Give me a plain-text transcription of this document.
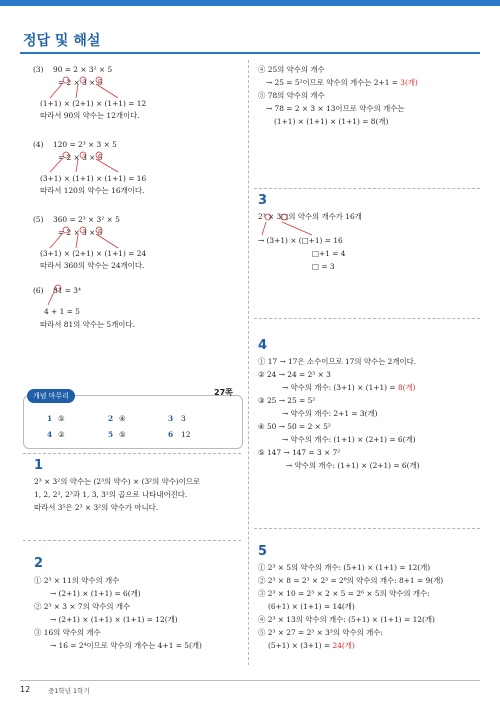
정답 및 해설
(3) 90 = 2 × 3² × 5
= 2 × 3 × 5
(1+1) × (2+1) × (1+1) = 12
따라서 90의 약수는 12개이다.
(4) 120 = 2³ × 3 × 5
= 2 × 3 × 5
(3+1) × (1+1) × (1+1) = 16
따라서 120의 약수는 16개이다.
(5) 360 = 2³ × 3² × 5
= 2 × 3 × 5
(3+1) × (2+1) × (1+1) = 24
따라서 360의 약수는 24개이다.
(6) 81 = 3⁴
4 + 1 = 5
따라서 81의 약수는 5개이다.
개념 마무리	27쪽
1 ⑤	2 ④	3 3
4 ②	5 ⑤	6 12
1
2³ × 3²의 약수는 (2³의 약수) × (3²의 약수)이므로
1, 2, 2², 2³과 1, 3, 3²의 곱으로 나타내어진다.
따라서 3⁵은 2³ × 3²의 약수가 아니다.
2
① 2³ × 11의 약수의 개수
→ (2+1) × (1+1) = 6(개)
② 2³ × 3 × 7의 약수의 개수
→ (2+1) × (1+1) × (1+1) = 12(개)
③ 16의 약수의 개수
→ 16 = 2⁴이므로 약수의 개수는 4+1 = 5(개)
④ 25의 약수의 개수
→ 25 = 5²이므로 약수의 개수는 2+1 = 3(개)
⑤ 78의 약수의 개수
→ 78 = 2 × 3 × 13이므로 약수의 개수는
(1+1) × (1+1) × (1+1) = 8(개)
3
2³ × 3□의 약수의 개수가 16개
→ (3+1) × (□+1) = 16
□+1 = 4
□ = 3
4
① 17 → 17은 소수이므로 17의 약수는 2개이다.
② 24 → 24 = 2³ × 3
→ 약수의 개수: (3+1) × (1+1) = 8(개)
③ 25 → 25 = 5²
→ 약수의 개수: 2+1 = 3(개)
④ 50 → 50 = 2 × 5²
→ 약수의 개수: (1+1) × (2+1) = 6(개)
⑤ 147 → 147 = 3 × 7²
→ 약수의 개수: (1+1) × (2+1) = 6(개)
5
① 2³ × 5의 약수의 개수: (5+1) × (1+1) = 12(개)
② 2³ × 8 = 2³ × 2³ = 2⁸의 약수의 개수: 8+1 = 9(개)
③ 2³ × 10 = 2³ × 2 × 5 = 2⁶ × 5의 약수의 개수:
(6+1) × (1+1) = 14(개)
④ 2³ × 13의 약수의 개수: (5+1) × (1+1) = 12(개)
⑤ 2³ × 27 = 2³ × 3³의 약수의 개수:
(5+1) × (3+1) = 24(개)
12	중1학년 1학기
